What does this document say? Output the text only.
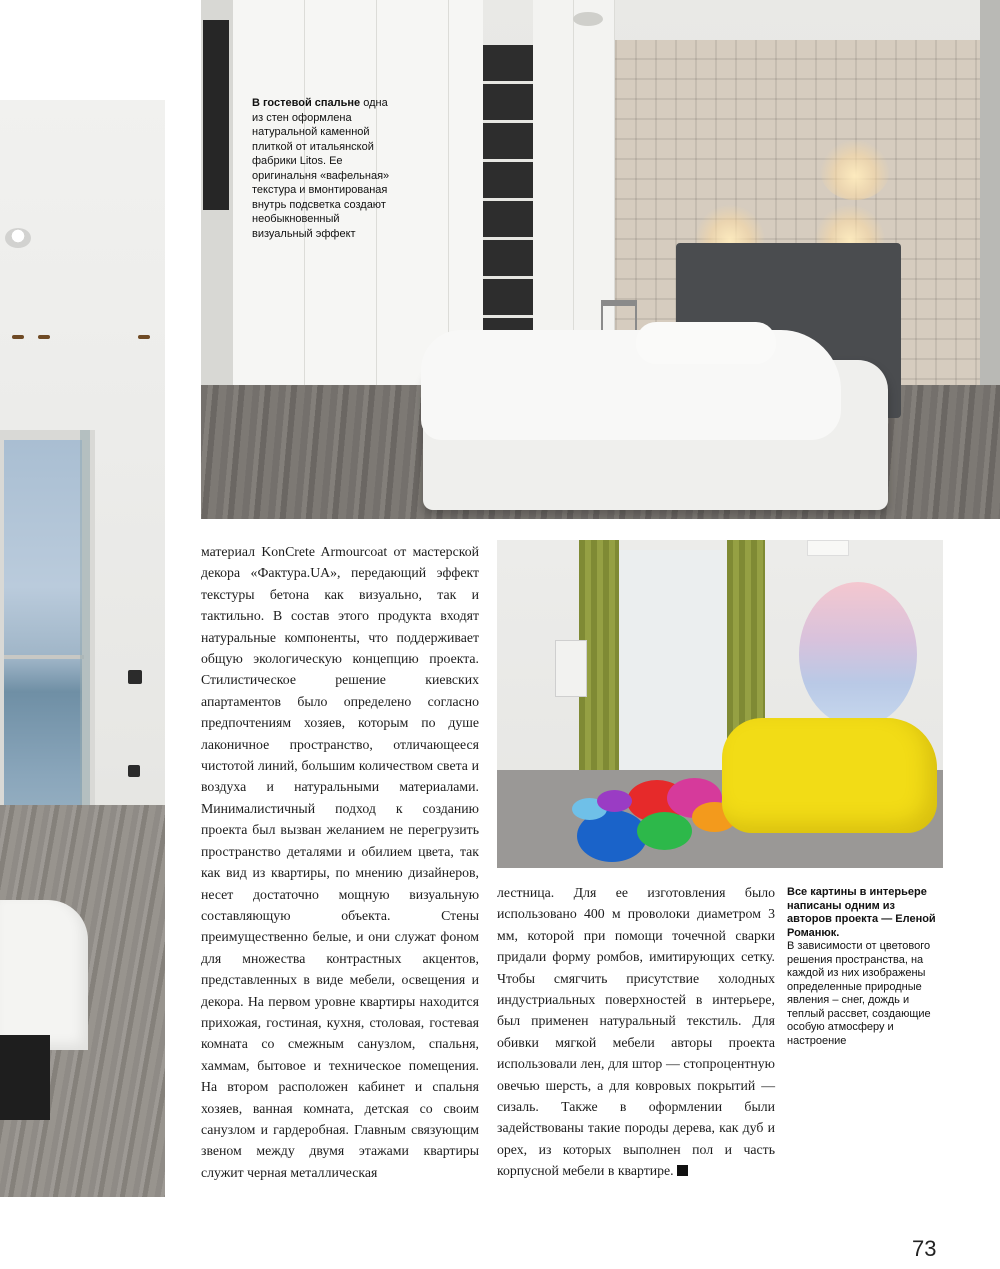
В гостевой спальне одна из стен оформлена натуральной каменной плиткой от итальянской фабрики Litos. Ее оригинальня «вафельная» текстура и вмонтированая внутрь подсветка создают необыкновенный визуальный эффект

материал KonCrete Armourcoat от мастерской декора «Фактура.UA», передающий эффект текстуры бетона как визуально, так и тактильно. В состав этого продукта входят натуральные компоненты, что поддерживает общую экологическую концепцию проекта. Стилистическое решение киевских апартаментов было определено согласно предпочтениям хозяев, которым по душе лаконичное пространство, отличающееся чистотой линий, большим количеством света и воздуха и натуральными материалами. Минималистичный подход к созданию проекта был вызван желанием не перегрузить пространство деталями и обилием цвета, так как вид из квартиры, по мнению дизайнеров, несет достаточно мощную визуальную составляющую объекта. Стены преимущественно белые, и они служат фоном для множества контрастных акцентов, представленных в виде мебели, освещения и декора. На первом уровне квартиры находится прихожая, гостиная, кухня, столовая, гостевая комната со смежным санузлом, спальня, хаммам, бытовое и техническое помещения. На втором расположен кабинет и спальня хозяев, ванная комната, детская со своим санузлом и гардеробная. Главным связующим звеном между двумя этажами квартиры служит черная металлическая

лестница. Для ее изготовления было использовано 400 м проволоки диаметром 3 мм, которой при помощи точечной сварки придали форму ромбов, имитирующих сетку. Чтобы смягчить присутствие холодных индустриальных поверхностей в интерьере, был применен натуральный текстиль. Для обивки мягкой мебели авторы проекта использовали лен, для штор — стопроцентную овечью шерсть, а для ковровых покрытий — сизаль. Также в оформлении были задействованы такие породы дерева, как дуб и орех, из которых выполнен пол и часть корпусной мебели в квартире.

Все картины в интерьере написаны одним из авторов проекта — Еленой Романюк.
В зависимости от цветового решения пространства, на каждой из них изображены определенные природные явления – снег, дождь и теплый рассвет, создающие особую атмосферу и настроение
73
